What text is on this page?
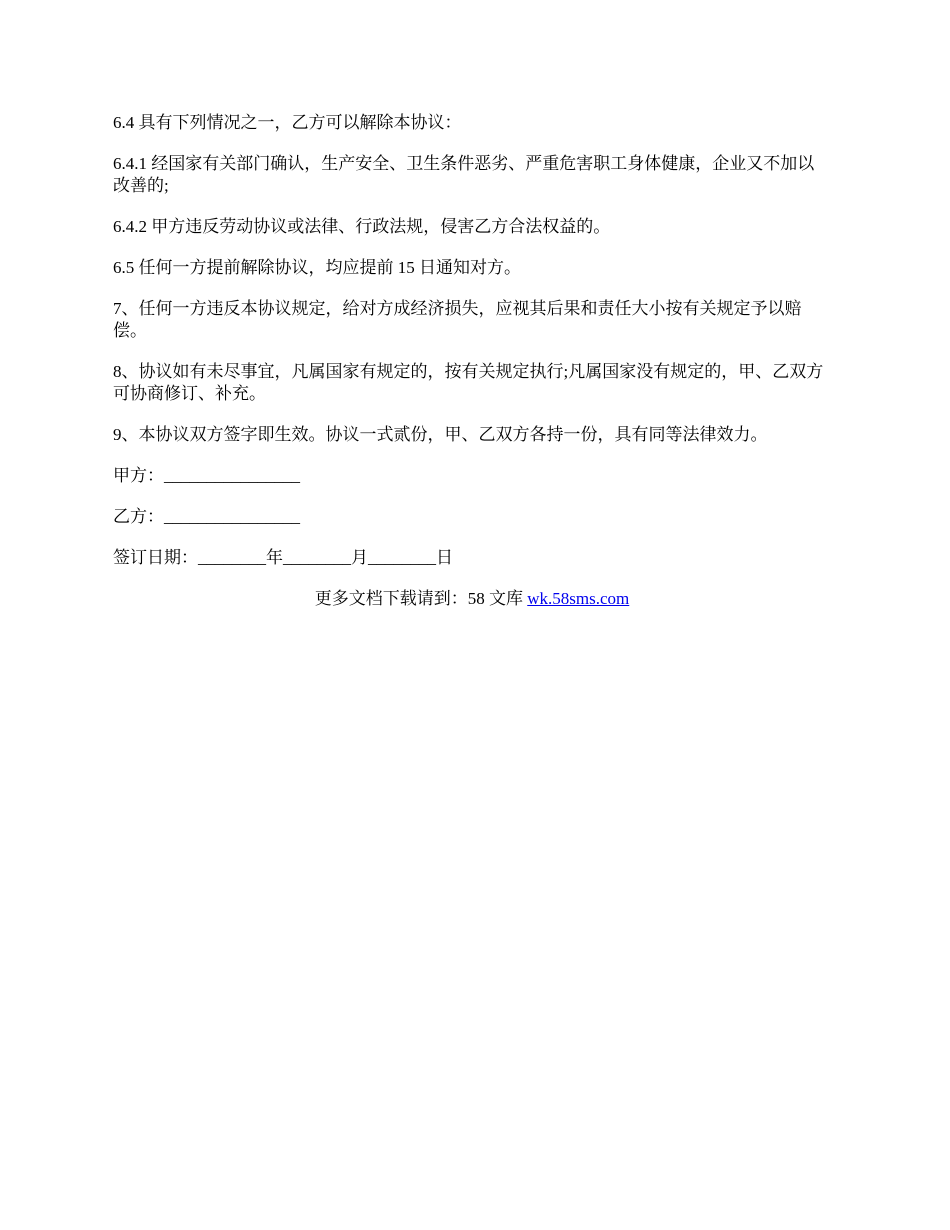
6.4 具有下列情况之一，乙方可以解除本协议：

6.4.1 经国家有关部门确认，生产安全、卫生条件恶劣、严重危害职工身体健康，企业又不加以改善的;

6.4.2 甲方违反劳动协议或法律、行政法规，侵害乙方合法权益的。

6.5 任何一方提前解除协议，均应提前 15 日通知对方。

7、任何一方违反本协议规定，给对方成经济损失，应视其后果和责任大小按有关规定予以赔偿。

8、协议如有未尽事宜，凡属国家有规定的，按有关规定执行;凡属国家没有规定的，甲、乙双方可协商修订、补充。

9、本协议双方签字即生效。协议一式贰份，甲、乙双方各持一份，具有同等法律效力。

甲方：________________

乙方：________________

签订日期：________年________月________日

更多文档下载请到：58 文库 wk.58sms.com
